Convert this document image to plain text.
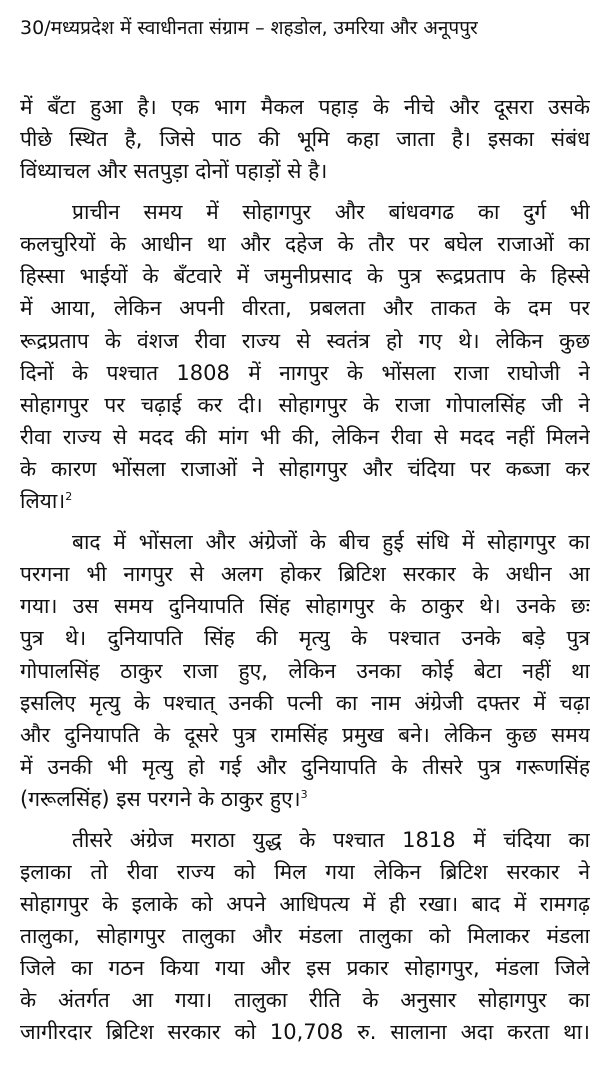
30/मध्यप्रदेश में स्वाधीनता संग्राम – शहडोल, उमरिया और अनूपपुर
में बँटा हुआ है। एक भाग मैकल पहाड़ के नीचे और दूसरा उसके
पीछे स्थित है, जिसे पाठ की भूमि कहा जाता है। इसका संबंध
विंध्याचल और सतपुड़ा दोनों पहाड़ों से है।
प्राचीन समय में सोहागपुर और बांधवगढ का दुर्ग भी
कलचुरियों के आधीन था और दहेज के तौर पर बघेल राजाओं का
हिस्सा भाईयों के बँटवारे में जमुनीप्रसाद के पुत्र रूद्रप्रताप के हिस्से
में आया, लेकिन अपनी वीरता, प्रबलता और ताकत के दम पर
रूद्रप्रताप के वंशज रीवा राज्य से स्वतंत्र हो गए थे। लेकिन कुछ
दिनों के पश्चात 1808 में नागपुर के भोंसला राजा राघोजी ने
सोहागपुर पर चढ़ाई कर दी। सोहागपुर के राजा गोपालसिंह जी ने
रीवा राज्य से मदद की मांग भी की, लेकिन रीवा से मदद नहीं मिलने
के कारण भोंसला राजाओं ने सोहागपुर और चंदिया पर कब्जा कर
लिया।$^2$
बाद में भोंसला और अंग्रेजों के बीच हुई संधि में सोहागपुर का
परगना भी नागपुर से अलग होकर ब्रिटिश सरकार के अधीन आ
गया। उस समय दुनियापति सिंह सोहागपुर के ठाकुर थे। उनके छः
पुत्र थे। दुनियापति सिंह की मृत्यु के पश्चात उनके बड़े पुत्र
गोपालसिंह ठाकुर राजा हुए, लेकिन उनका कोई बेटा नहीं था
इसलिए मृत्यु के पश्चात् उनकी पत्नी का नाम अंग्रेजी दफ्तर में चढ़ा
और दुनियापति के दूसरे पुत्र रामसिंह प्रमुख बने। लेकिन कुछ समय
में उनकी भी मृत्यु हो गई और दुनियापति के तीसरे पुत्र गरूणसिंह
(गरूलसिंह) इस परगने के ठाकुर हुए।$^3$
तीसरे अंग्रेज मराठा युद्ध के पश्चात 1818 में चंदिया का
इलाका तो रीवा राज्य को मिल गया लेकिन ब्रिटिश सरकार ने
सोहागपुर के इलाके को अपने आधिपत्य में ही रखा। बाद में रामगढ़
तालुका, सोहागपुर तालुका और मंडला तालुका को मिलाकर मंडला
जिले का गठन किया गया और इस प्रकार सोहागपुर, मंडला जिले
के अंतर्गत आ गया। तालुका रीति के अनुसार सोहागपुर का
जागीरदार ब्रिटिश सरकार को 10,708 रु. सालाना अदा करता था।
